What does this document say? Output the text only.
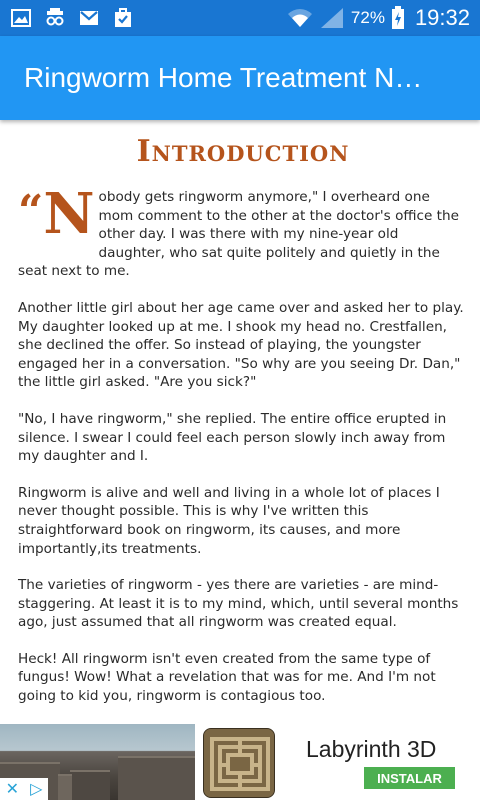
72% 19:32
Ringworm Home Treatment N…
Introduction
“ N obody gets ringworm anymore," I overheard one mom comment to the other at the doctor's office the other day. I was there with my nine-year old daughter, who sat quite politely and quietly in the seat next to me.

Another little girl about her age came over and asked her to play. My daughter looked up at me. I shook my head no. Crestfallen, she declined the offer. So instead of playing, the youngster engaged her in a conversation. "So why are you seeing Dr. Dan," the little girl asked. "Are you sick?"

"No, I have ringworm," she replied. The entire office erupted in silence. I swear I could feel each person slowly inch away from my daughter and I.

Ringworm is alive and well and living in a whole lot of places I never thought possible. This is why I've written this straightforward book on ringworm, its causes, and more importantly,its treatments.

The varieties of ringworm - yes there are varieties - are mind-staggering. At least it is to my mind, which, until several months ago, just assumed that all ringworm was created equal.

Heck! All ringworm isn't even created from the same type of fungus! Wow! What a revelation that was for me. And I'm not going to kid you, ringworm is contagious too.

Labyrinth 3D
INSTALAR
✕ ▷
